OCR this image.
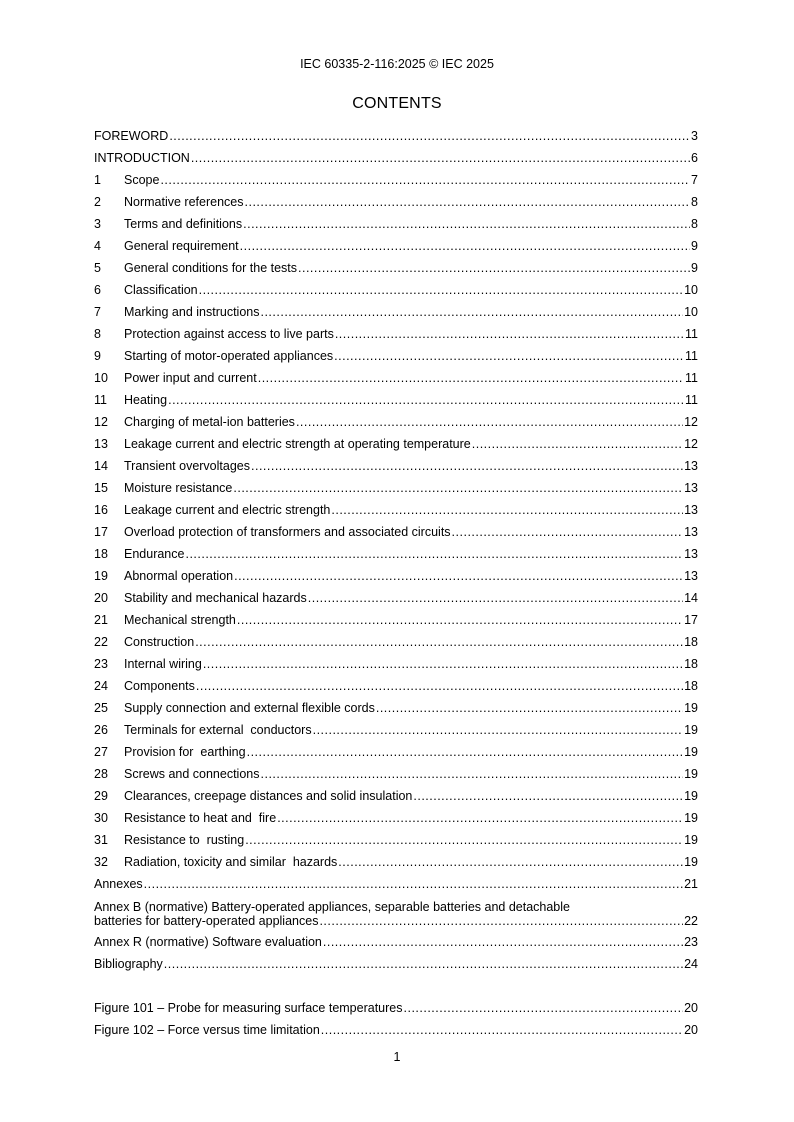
IEC 60335-2-116:2025 © IEC 2025
CONTENTS
FOREWORD .....	3
INTRODUCTION .....	6
1	Scope .....	7
2	Normative references .....	8
3	Terms and definitions .....	8
4	General requirement .....	9
5	General conditions for the tests .....	9
6	Classification .....	10
7	Marking and instructions .....	10
8	Protection against access to live parts .....	11
9	Starting of motor-operated appliances .....	11
10	Power input and current .....	11
11	Heating .....	11
12	Charging of metal-ion batteries .....	12
13	Leakage current and electric strength at operating temperature .....	12
14	Transient overvoltages .....	13
15	Moisture resistance .....	13
16	Leakage current and electric strength .....	13
17	Overload protection of transformers and associated circuits .....	13
18	Endurance .....	13
19	Abnormal operation .....	13
20	Stability and mechanical hazards .....	14
21	Mechanical strength .....	17
22	Construction .....	18
23	Internal wiring .....	18
24	Components .....	18
25	Supply connection and external flexible cords .....	19
26	Terminals for external  conductors .....	19
27	Provision for  earthing .....	19
28	Screws and connections .....	19
29	Clearances, creepage distances and solid insulation .....	19
30	Resistance to heat and  fire .....	19
31	Resistance to  rusting .....	19
32	Radiation, toxicity and similar  hazards .....	19
Annexes .....	21
Annex B (normative) Battery-operated appliances, separable batteries and detachable
batteries for battery-operated appliances .....	22
Annex R (normative) Software evaluation .....	23
Bibliography .....	24
Figure 101 – Probe for measuring surface temperatures .....	20
Figure 102 – Force versus time limitation .....	20
1
